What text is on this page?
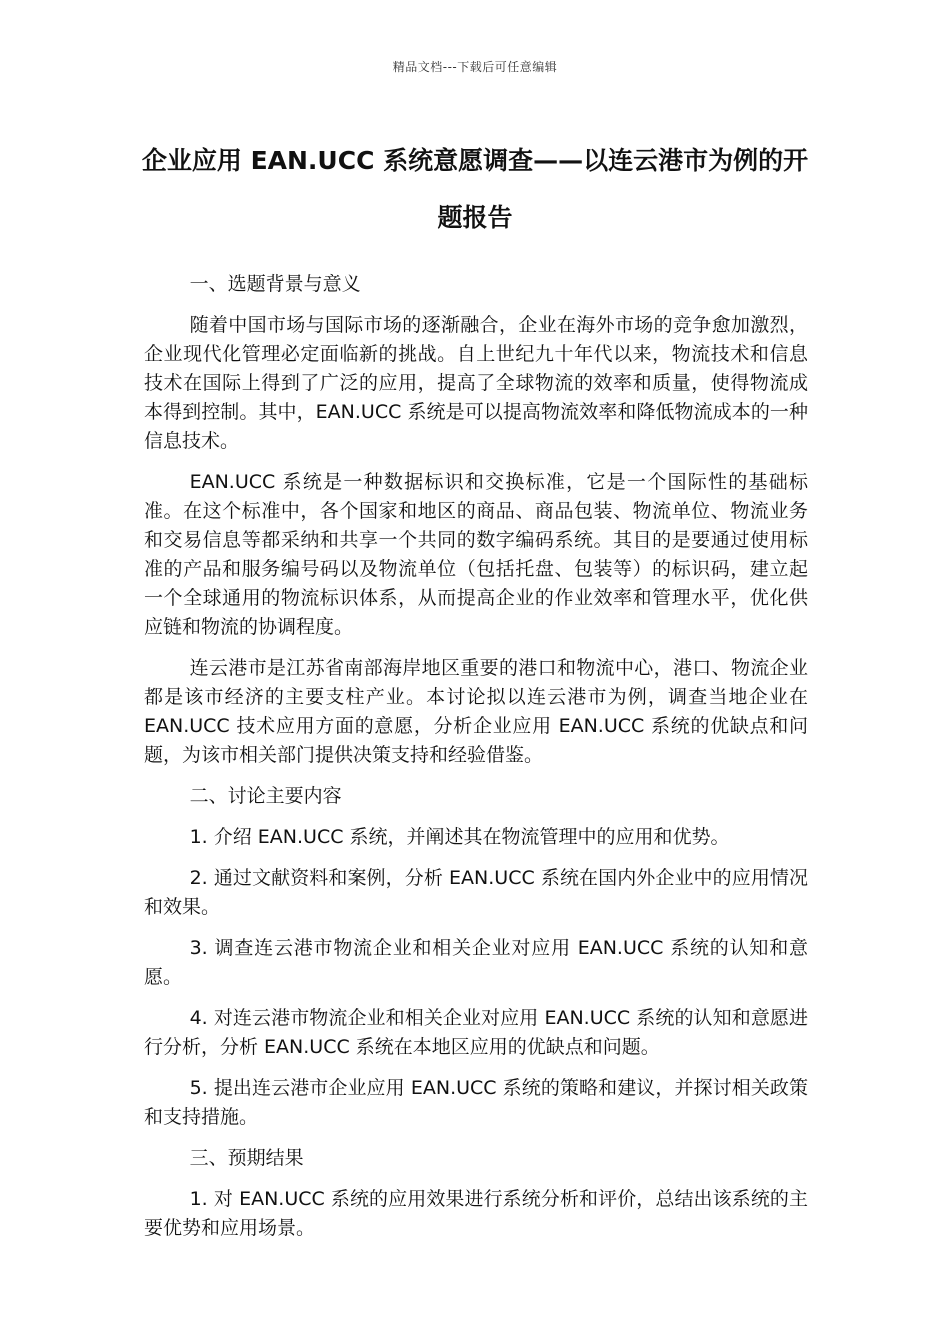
精品文档---下载后可任意编辑
企业应用 EAN.UCC 系统意愿调查——以连云港市为例的开题报告

一、选题背景与意义

随着中国市场与国际市场的逐渐融合，企业在海外市场的竞争愈加激烈，企业现代化管理必定面临新的挑战。自上世纪九十年代以来，物流技术和信息技术在国际上得到了广泛的应用，提高了全球物流的效率和质量，使得物流成本得到控制。其中，EAN.UCC 系统是可以提高物流效率和降低物流成本的一种信息技术。

EAN.UCC 系统是一种数据标识和交换标准，它是一个国际性的基础标准。在这个标准中，各个国家和地区的商品、商品包装、物流单位、物流业务和交易信息等都采纳和共享一个共同的数字编码系统。其目的是要通过使用标准的产品和服务编号码以及物流单位（包括托盘、包装等）的标识码，建立起一个全球通用的物流标识体系，从而提高企业的作业效率和管理水平，优化供应链和物流的协调程度。

连云港市是江苏省南部海岸地区重要的港口和物流中心，港口、物流企业都是该市经济的主要支柱产业。本讨论拟以连云港市为例，调查当地企业在 EAN.UCC 技术应用方面的意愿，分析企业应用 EAN.UCC 系统的优缺点和问题，为该市相关部门提供决策支持和经验借鉴。

二、讨论主要内容

1. 介绍 EAN.UCC 系统，并阐述其在物流管理中的应用和优势。

2. 通过文献资料和案例，分析 EAN.UCC 系统在国内外企业中的应用情况和效果。

3. 调查连云港市物流企业和相关企业对应用 EAN.UCC 系统的认知和意愿。

4. 对连云港市物流企业和相关企业对应用 EAN.UCC 系统的认知和意愿进行分析，分析 EAN.UCC 系统在本地区应用的优缺点和问题。

5. 提出连云港市企业应用 EAN.UCC 系统的策略和建议，并探讨相关政策和支持措施。

三、预期结果

1. 对 EAN.UCC 系统的应用效果进行系统分析和评价，总结出该系统的主要优势和应用场景。
